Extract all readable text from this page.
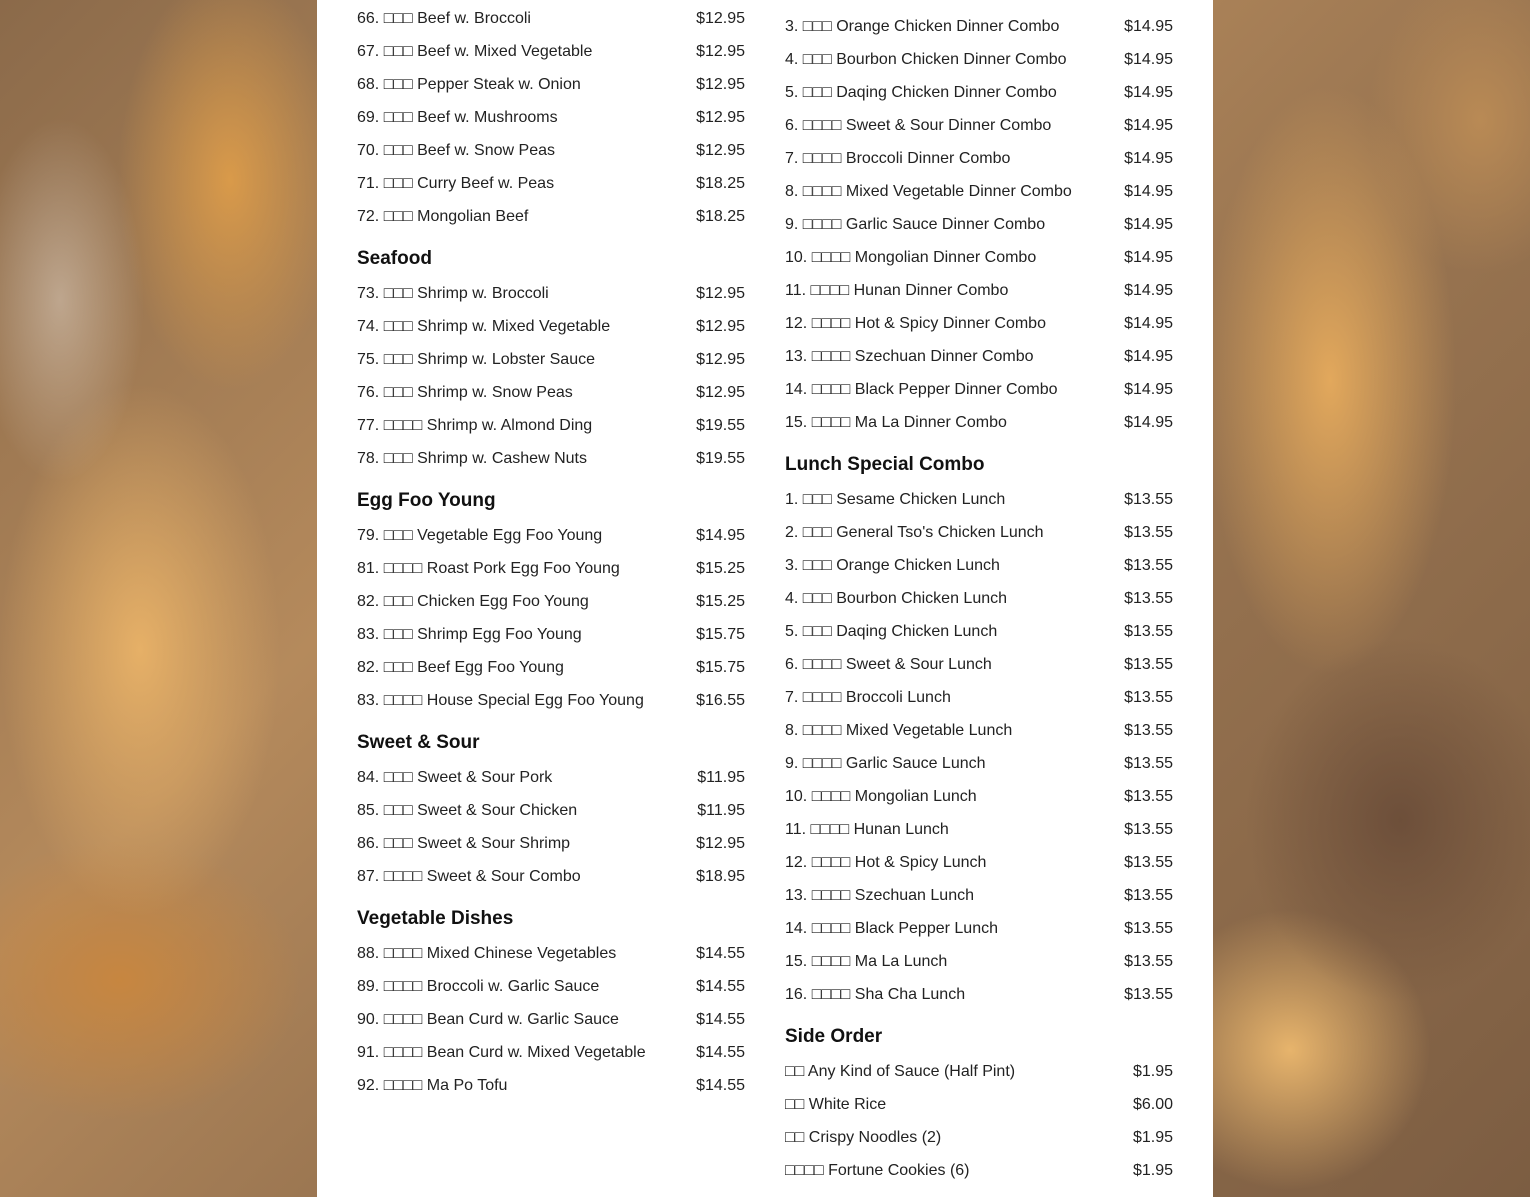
66. □□□ Beef w. Broccoli	$12.95
67. □□□ Beef w. Mixed Vegetable	$12.95
68. □□□ Pepper Steak w. Onion	$12.95
69. □□□ Beef w. Mushrooms	$12.95
70. □□□ Beef w. Snow Peas	$12.95
71. □□□ Curry Beef w. Peas	$18.25
72. □□□ Mongolian Beef	$18.25
Seafood
73. □□□ Shrimp w. Broccoli	$12.95
74. □□□ Shrimp w. Mixed Vegetable	$12.95
75. □□□ Shrimp w. Lobster Sauce	$12.95
76. □□□ Shrimp w. Snow Peas	$12.95
77. □□□□ Shrimp w. Almond Ding	$19.55
78. □□□ Shrimp w. Cashew Nuts	$19.55
Egg Foo Young
79. □□□ Vegetable Egg Foo Young	$14.95
81. □□□□ Roast Pork Egg Foo Young	$15.25
82. □□□ Chicken Egg Foo Young	$15.25
83. □□□ Shrimp Egg Foo Young	$15.75
82. □□□ Beef Egg Foo Young	$15.75
83. □□□□ House Special Egg Foo Young	$16.55
Sweet & Sour
84. □□□ Sweet & Sour Pork	$11.95
85. □□□ Sweet & Sour Chicken	$11.95
86. □□□ Sweet & Sour Shrimp	$12.95
87. □□□□ Sweet & Sour Combo	$18.95
Vegetable Dishes
88. □□□□ Mixed Chinese Vegetables	$14.55
89. □□□□ Broccoli w. Garlic Sauce	$14.55
90. □□□□ Bean Curd w. Garlic Sauce	$14.55
91. □□□□ Bean Curd w. Mixed Vegetable	$14.55
92. □□□□ Ma Po Tofu	$14.55
3. □□□ Orange Chicken Dinner Combo	$14.95
4. □□□ Bourbon Chicken Dinner Combo	$14.95
5. □□□ Daqing Chicken Dinner Combo	$14.95
6. □□□□ Sweet & Sour Dinner Combo	$14.95
7. □□□□ Broccoli Dinner Combo	$14.95
8. □□□□ Mixed Vegetable Dinner Combo	$14.95
9. □□□□ Garlic Sauce Dinner Combo	$14.95
10. □□□□ Mongolian Dinner Combo	$14.95
11. □□□□ Hunan Dinner Combo	$14.95
12. □□□□ Hot & Spicy Dinner Combo	$14.95
13. □□□□ Szechuan Dinner Combo	$14.95
14. □□□□ Black Pepper Dinner Combo	$14.95
15. □□□□ Ma La Dinner Combo	$14.95
Lunch Special Combo
1. □□□ Sesame Chicken Lunch	$13.55
2. □□□ General Tso's Chicken Lunch	$13.55
3. □□□ Orange Chicken Lunch	$13.55
4. □□□ Bourbon Chicken Lunch	$13.55
5. □□□ Daqing Chicken Lunch	$13.55
6. □□□□ Sweet & Sour Lunch	$13.55
7. □□□□ Broccoli Lunch	$13.55
8. □□□□ Mixed Vegetable Lunch	$13.55
9. □□□□ Garlic Sauce Lunch	$13.55
10. □□□□ Mongolian Lunch	$13.55
11. □□□□ Hunan Lunch	$13.55
12. □□□□ Hot & Spicy Lunch	$13.55
13. □□□□ Szechuan Lunch	$13.55
14. □□□□ Black Pepper Lunch	$13.55
15. □□□□ Ma La Lunch	$13.55
16. □□□□ Sha Cha Lunch	$13.55
Side Order
□□ Any Kind of Sauce (Half Pint)	$1.95
□□ White Rice	$6.00
□□ Crispy Noodles (2)	$1.95
□□□□ Fortune Cookies (6)	$1.95
